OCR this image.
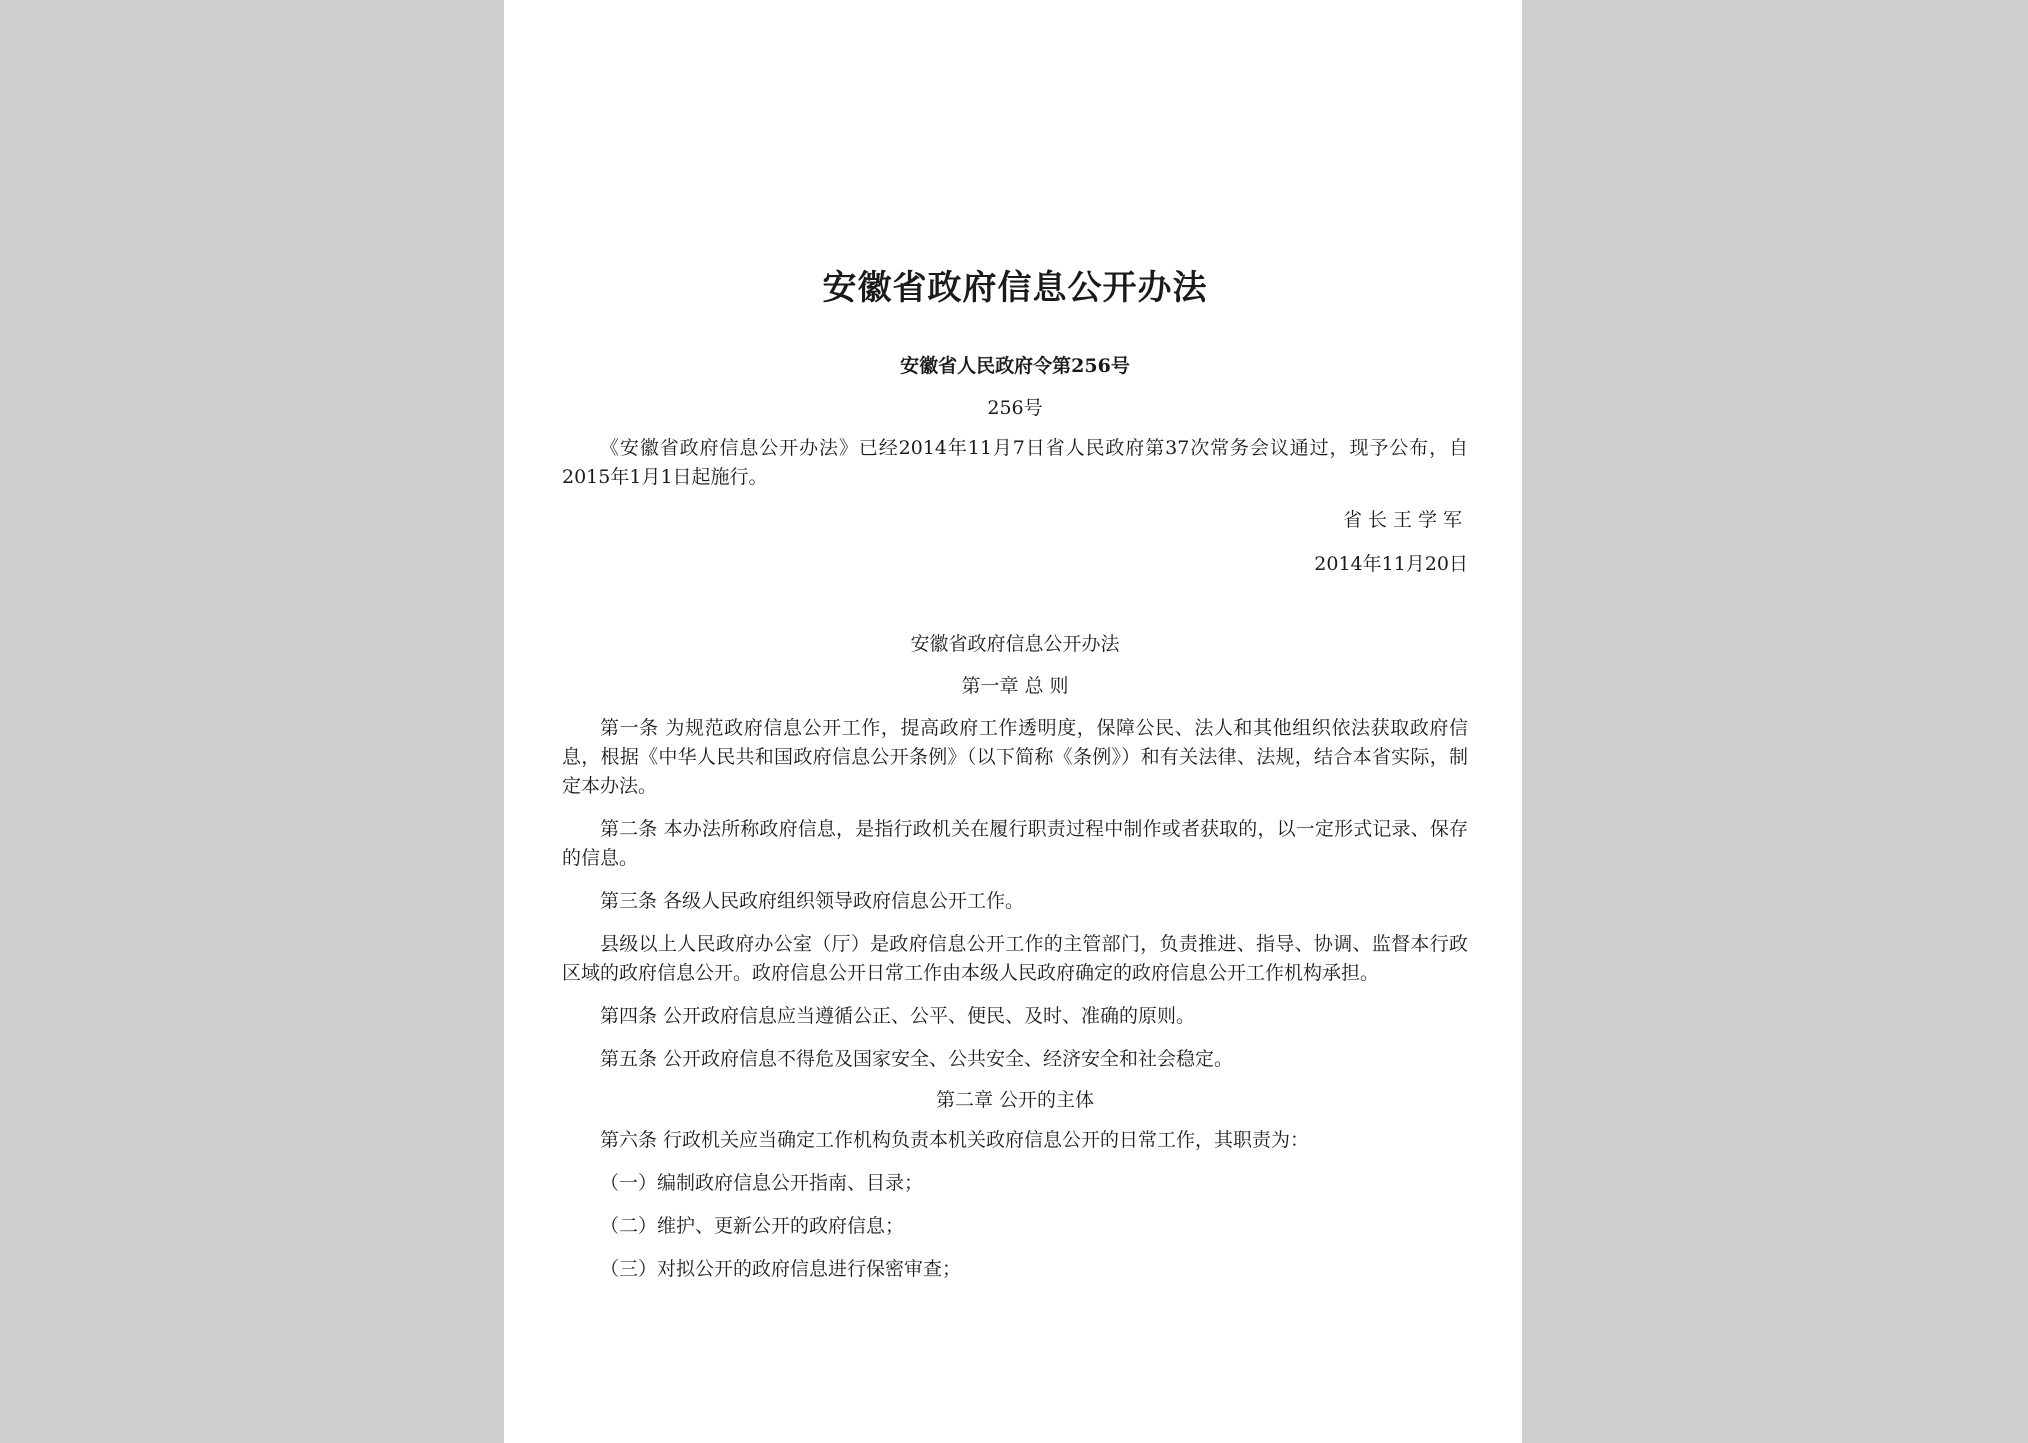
安徽省政府信息公开办法
安徽省人民政府令第256号
256号

《安徽省政府信息公开办法》已经2014年11月7日省人民政府第37次常务会议通过，现予公布，自2015年1月1日起施行。

省长王学军
2014年11月20日
安徽省政府信息公开办法
第一章 总 则

第一条 为规范政府信息公开工作，提高政府工作透明度，保障公民、法人和其他组织依法获取政府信息，根据《中华人民共和国政府信息公开条例》（以下简称《条例》）和有关法律、法规，结合本省实际，制定本办法。

第二条 本办法所称政府信息，是指行政机关在履行职责过程中制作或者获取的，以一定形式记录、保存的信息。

第三条 各级人民政府组织领导政府信息公开工作。

县级以上人民政府办公室（厅）是政府信息公开工作的主管部门，负责推进、指导、协调、监督本行政区域的政府信息公开。政府信息公开日常工作由本级人民政府确定的政府信息公开工作机构承担。

第四条 公开政府信息应当遵循公正、公平、便民、及时、准确的原则。

第五条 公开政府信息不得危及国家安全、公共安全、经济安全和社会稳定。

第二章 公开的主体

第六条 行政机关应当确定工作机构负责本机关政府信息公开的日常工作，其职责为：

（一）编制政府信息公开指南、目录；

（二）维护、更新公开的政府信息；

（三）对拟公开的政府信息进行保密审查；
